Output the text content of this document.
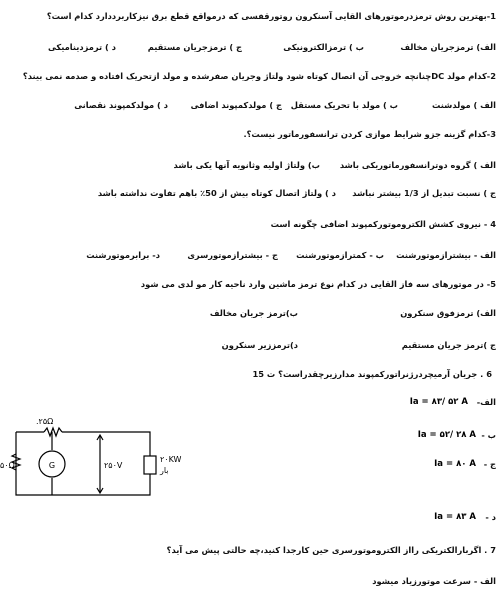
1-بهترین روش ترمزدرموتورهای القایی آسنکرون روتورقفسی که درمواقع قطع برق نیزکاربرددارد کدام است؟
الف) ترمزجریان مخالف
ب ) ترمزالکترونیکی
ج ) ترمزجریان مستقیم
د ) ترمزدینامیکی
2-کدام مولد DCچنانچه خروجی آن اتصال کوتاه شود ولتاژ وجریان صفرشده و مولد ازتحریک افتاده و صدمه نمی بیند؟
الف ) مولدشنت
ب ) مولد با تحریک مستقل
ج ) مولدکمپوند اضافی
د ) مولدکمپوند نقصانی
3-کدام گزینه جزو شرایط موازی کردن ترانسفورماتور نیست؟.
الف ) گروه دوترانسفورماتوریکی باشد
ب) ولتاژ اولیه وثانویه آنها یکی باشد
ج ) نسبت تبدیل از 1/3 بیشتر نباشد
د ) ولتاژ اتصال کوتاه بیش از 50٪ باهم تفاوت نداشته باشد
4 - نیروی کشش الکتروموتورکمپوند اضافی چگونه است
الف - بیشترازموتورشنت
ب - کمترازموتورشنت
ج - بیشترازموتورسری
د- برابرموتورشنت
5- در موتورهای سه فاز القایی در کدام نوع ترمز ماشین وارد ناحیه کار مو لدی می شود
الف) ترمزفوق سنکرون
ب)ترمز جریان مخالف
ج )ترمز جریان مستقیم
د)ترمززیر سنکرون
6 . جریان آرمیچردرژنراتورکمپوند مدارزیرچقدراست؟ ت 15
الف-
Ia = ۸۳/ ۵۲ A
ب -
Ia = ۵۲/ ۲۸ A
ج -
Ia = ۸۰ A
د -
Ia = ۸۳ A
G
.۲۵Ω
۵۰Ω	۲۵۰V
۲۰KW
بار
7 . اگربارالکتریکی رااز الکتروموتورسری حین کارجدا کنید،چه حالتی پیش می آید؟
الف - سرعت موتورزیاد میشود
